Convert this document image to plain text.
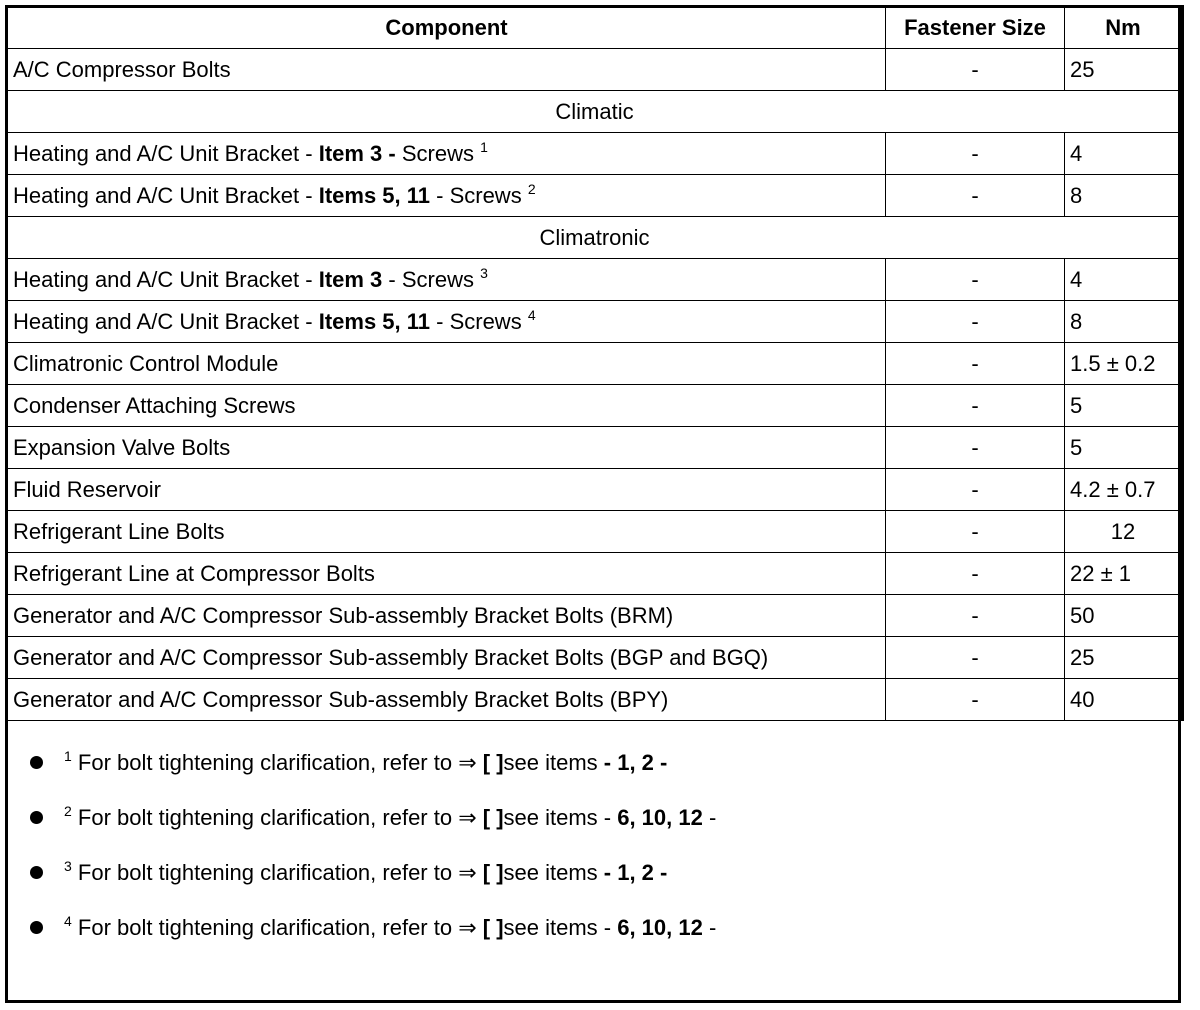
Component	Fastener Size	Nm
A/C Compressor Bolts	-	25
Climatic		
Heating and A/C Unit Bracket - Item 3 - Screws $^1$	-	4
Heating and A/C Unit Bracket - Items 5, 11 - Screws $^2$	-	8
Climatronic		
Heating and A/C Unit Bracket - Item 3 - Screws $^3$	-	4
Heating and A/C Unit Bracket - Items 5, 11 - Screws $^4$	-	8
Climatronic Control Module	-	1.5 ± 0.2
Condenser Attaching Screws	-	5
Expansion Valve Bolts	-	5
Fluid Reservoir	-	4.2 ± 0.7
Refrigerant Line Bolts	-	12
Refrigerant Line at Compressor Bolts	-	22 ± 1
Generator and A/C Compressor Sub-assembly Bracket Bolts (BRM)	-	50
Generator and A/C Compressor Sub-assembly Bracket Bolts (BGP and BGQ)	-	25
Generator and A/C Compressor Sub-assembly Bracket Bolts (BPY)	-	40
$^1$ For bolt tightening clarification, refer to ⇒ [ ]see items - 1, 2 -
$^2$ For bolt tightening clarification, refer to ⇒ [ ]see items - 6, 10, 12 -
$^3$ For bolt tightening clarification, refer to ⇒ [ ]see items - 1, 2 -
$^4$ For bolt tightening clarification, refer to ⇒ [ ]see items - 6, 10, 12 -
